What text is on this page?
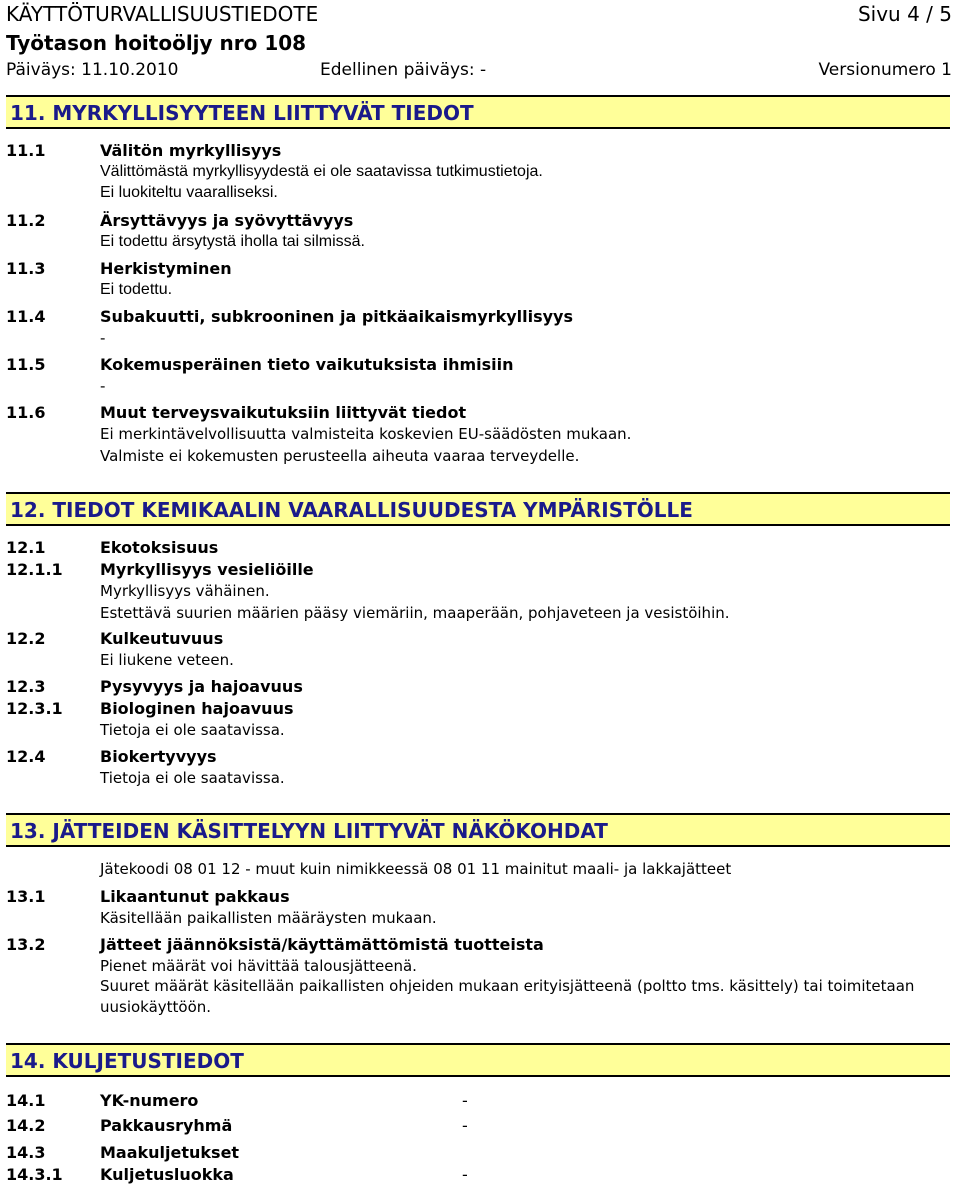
KÄYTTÖTURVALLISUUSTIEDOTE	Sivu 4 / 5
Työtason hoitoöljy nro 108
Päiväys: 11.10.2010	Edellinen päiväys: -	Versionumero 1
11. MYRKYLLISYYTEEN LIITTYVÄT TIEDOT
11.1	Välitön myrkyllisyys
Välittömästä myrkyllisyydestä ei ole saatavissa tutkimustietoja.
Ei luokiteltu vaaralliseksi.
11.2	Ärsyttävyys ja syövyttävyys
Ei todettu ärsytystä iholla tai silmissä.
11.3	Herkistyminen
Ei todettu.
11.4	Subakuutti, subkrooninen ja pitkäaikaismyrkyllisyys
-
11.5	Kokemusperäinen tieto vaikutuksista ihmisiin
-
11.6	Muut terveysvaikutuksiin liittyvät tiedot
Ei merkintävelvollisuutta valmisteita koskevien EU-säädösten mukaan.
Valmiste ei kokemusten perusteella aiheuta vaaraa terveydelle.
12. TIEDOT KEMIKAALIN VAARALLISUUDESTA YMPÄRISTÖLLE
12.1	Ekotoksisuus
12.1.1 Myrkyllisyys vesieliöille
Myrkyllisyys vähäinen.
Estettävä suurien määrien pääsy viemäriin, maaperään, pohjaveteen ja vesistöihin.
12.2	Kulkeutuvuus
Ei liukene veteen.
12.3	Pysyvyys ja hajoavuus
12.3.1 Biologinen hajoavuus
Tietoja ei ole saatavissa.
12.4	Biokertyvyys
Tietoja ei ole saatavissa.
13. JÄTTEIDEN KÄSITTELYYN LIITTYVÄT NÄKÖKOHDAT
Jätekoodi 08 01 12 - muut kuin nimikkeessä 08 01 11 mainitut maali- ja lakkajätteet
13.1	Likaantunut pakkaus
Käsitellään paikallisten määräysten mukaan.
13.2	Jätteet jäännöksistä/käyttämättömistä tuotteista
Pienet määrät voi hävittää talousjätteenä.
Suuret määrät käsitellään paikallisten ohjeiden mukaan erityisjätteenä (poltto tms. käsittely) tai toimitetaan
uusiokäyttöön.
14. KULJETUSTIEDOT
14.1	YK-numero	-
14.2	Pakkausryhmä	-
14.3	Maakuljetukset
14.3.1 Kuljetusluokka	-
